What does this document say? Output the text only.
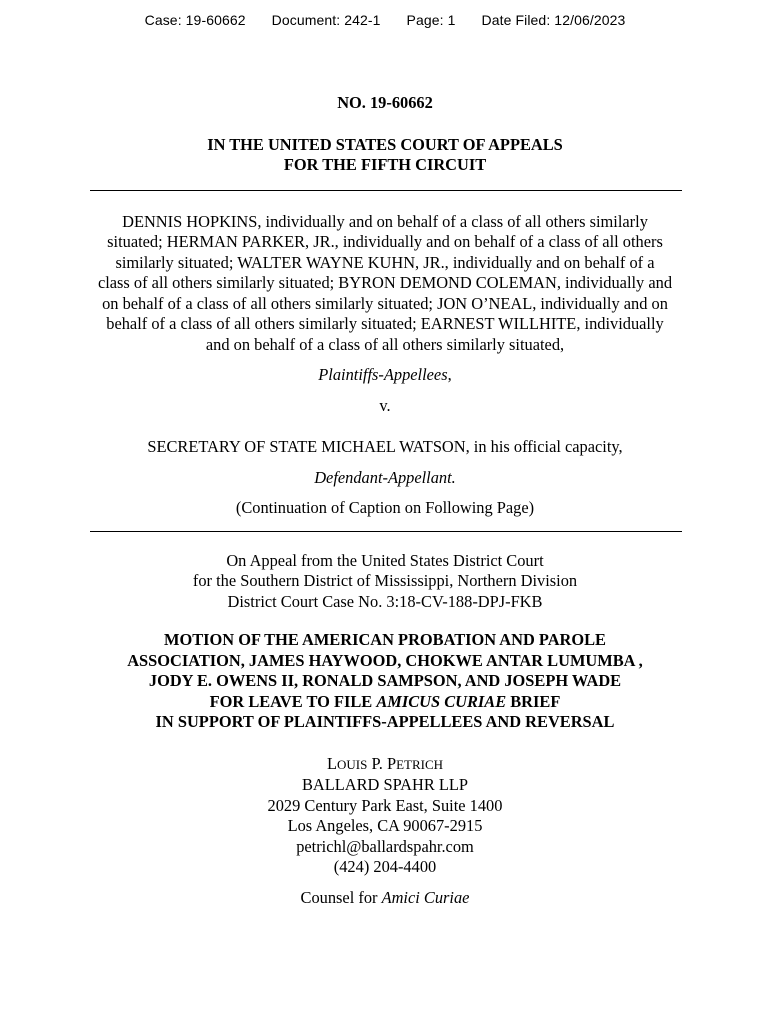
Case: 19-60662 Document: 242-1 Page: 1 Date Filed: 12/06/2023
NO. 19-60662
IN THE UNITED STATES COURT OF APPEALS
FOR THE FIFTH CIRCUIT
DENNIS HOPKINS, individually and on behalf of a class of all others similarly
situated; HERMAN PARKER, JR., individually and on behalf of a class of all others
similarly situated; WALTER WAYNE KUHN, JR., individually and on behalf of a
class of all others similarly situated; BYRON DEMOND COLEMAN, individually and
on behalf of a class of all others similarly situated; JON O’NEAL, individually and on
behalf of a class of all others similarly situated; EARNEST WILLHITE, individually
and on behalf of a class of all others similarly situated,
Plaintiffs-Appellees,
v.
SECRETARY OF STATE MICHAEL WATSON, in his official capacity,
Defendant-Appellant.
(Continuation of Caption on Following Page)
On Appeal from the United States District Court
for the Southern District of Mississippi, Northern Division
District Court Case No. 3:18-CV-188-DPJ-FKB
MOTION OF THE AMERICAN PROBATION AND PAROLE
ASSOCIATION, JAMES HAYWOOD, CHOKWE ANTAR LUMUMBA ,
JODY E. OWENS II, RONALD SAMPSON, AND JOSEPH WADE
FOR LEAVE TO FILE AMICUS CURIAE BRIEF
IN SUPPORT OF PLAINTIFFS-APPELLEES AND REVERSAL
LOUIS P. PETRICH
BALLARD SPAHR LLP
2029 Century Park East, Suite 1400
Los Angeles, CA 90067-2915
petrichl@ballardspahr.com
(424) 204-4400
Counsel for Amici Curiae
